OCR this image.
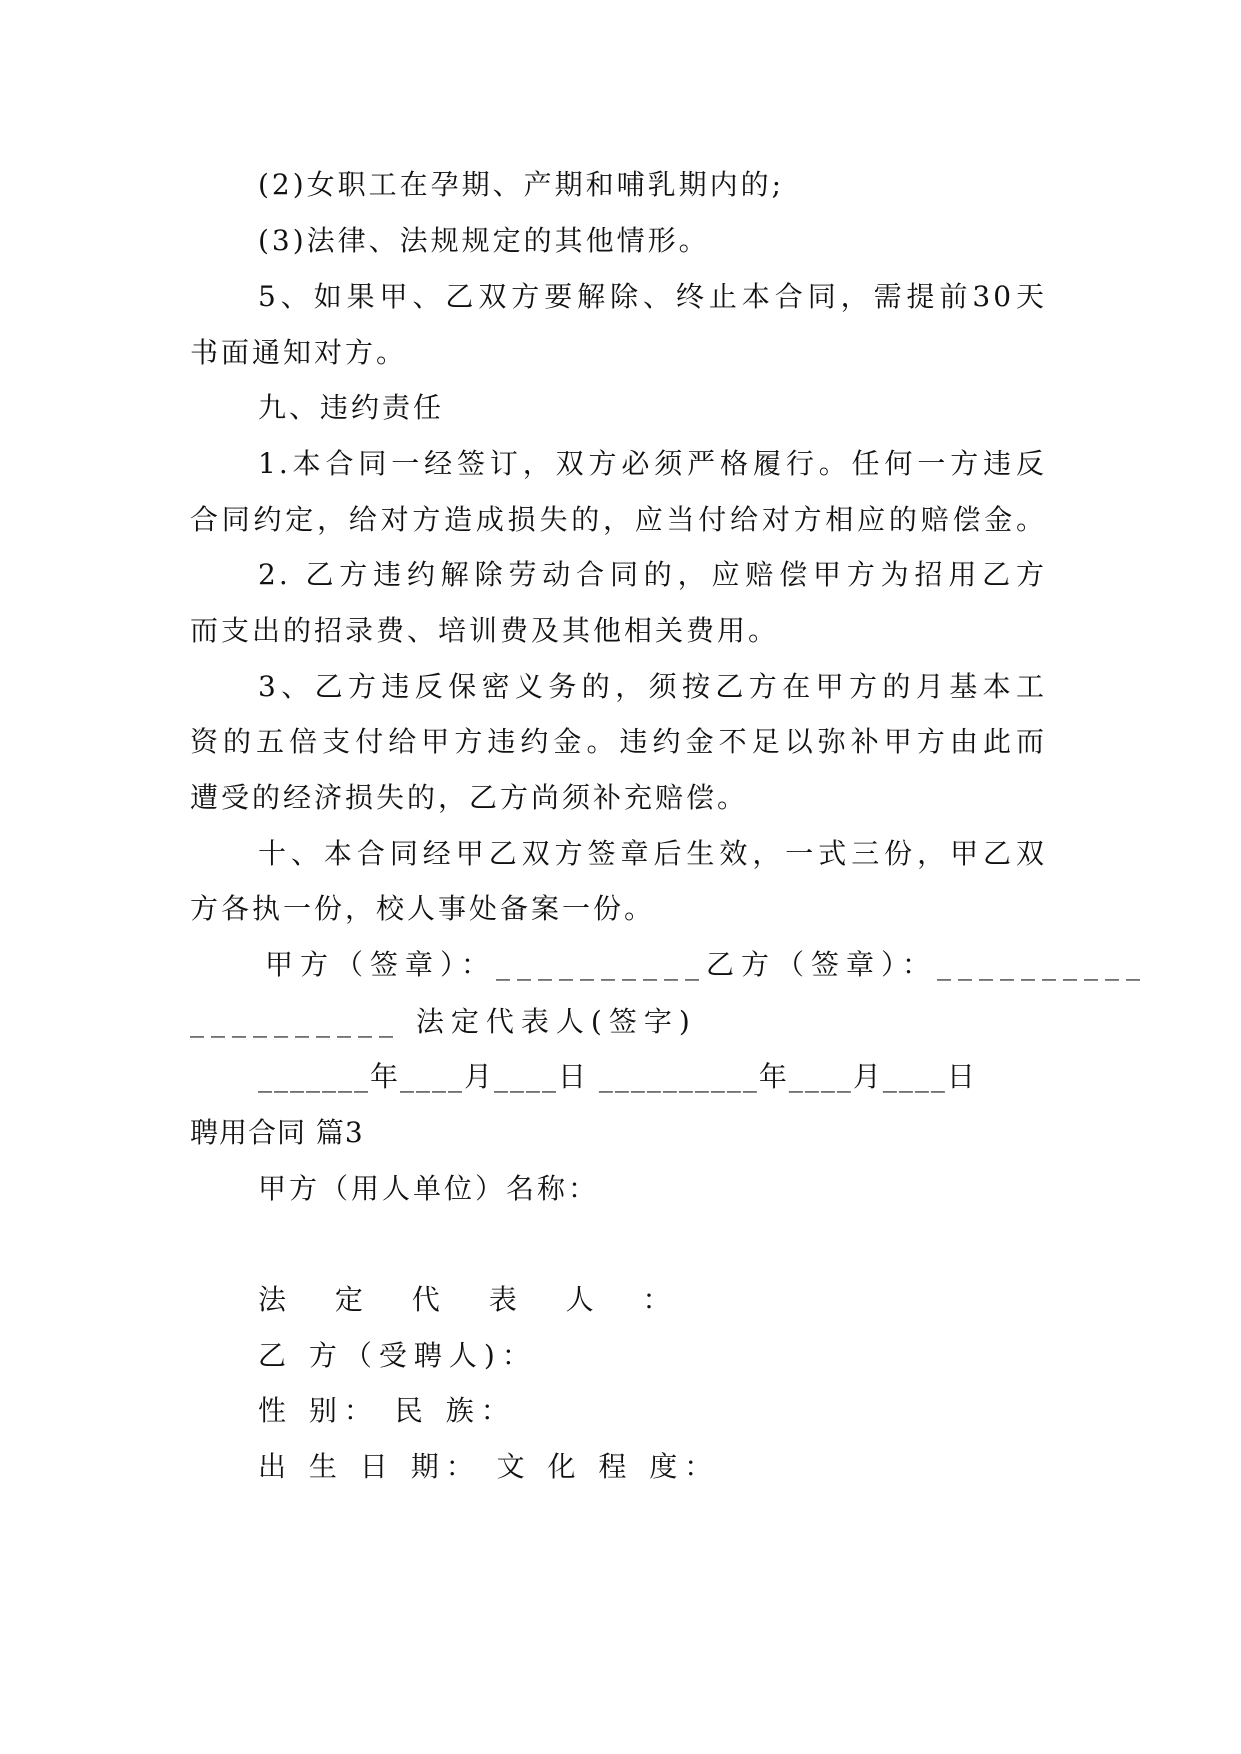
(2)女职工在孕期、产期和哺乳期内的;
(3)法律、法规规定的其他情形。
5、如果甲、乙双方要解除、终止本合同，需提前30天
书面通知对方。
九、违约责任
1.本合同一经签订，双方必须严格履行。任何一方违反
合同约定，给对方造成损失的，应当付给对方相应的赔偿金。
2. 乙方违约解除劳动合同的，应赔偿甲方为招用乙方
而支出的招录费、培训费及其他相关费用。
3、乙方违反保密义务的，须按乙方在甲方的月基本工
资的五倍支付给甲方违约金。违约金不足以弥补甲方由此而
遭受的经济损失的，乙方尚须补充赔偿。
十、本合同经甲乙双方签章后生效，一式三份，甲乙双
方各执一份，校人事处备案一份。
甲方（签章）：__________乙方（签章）：__________
__________ 法定代表人(签字)
_______年____月____日 __________年____月____日
聘用合同 篇3
甲方（用人单位）名称：
法 定 代 表 人 ：
乙 方（受聘人)：
性 别： 民 族：
出 生 日 期： 文 化 程 度：
